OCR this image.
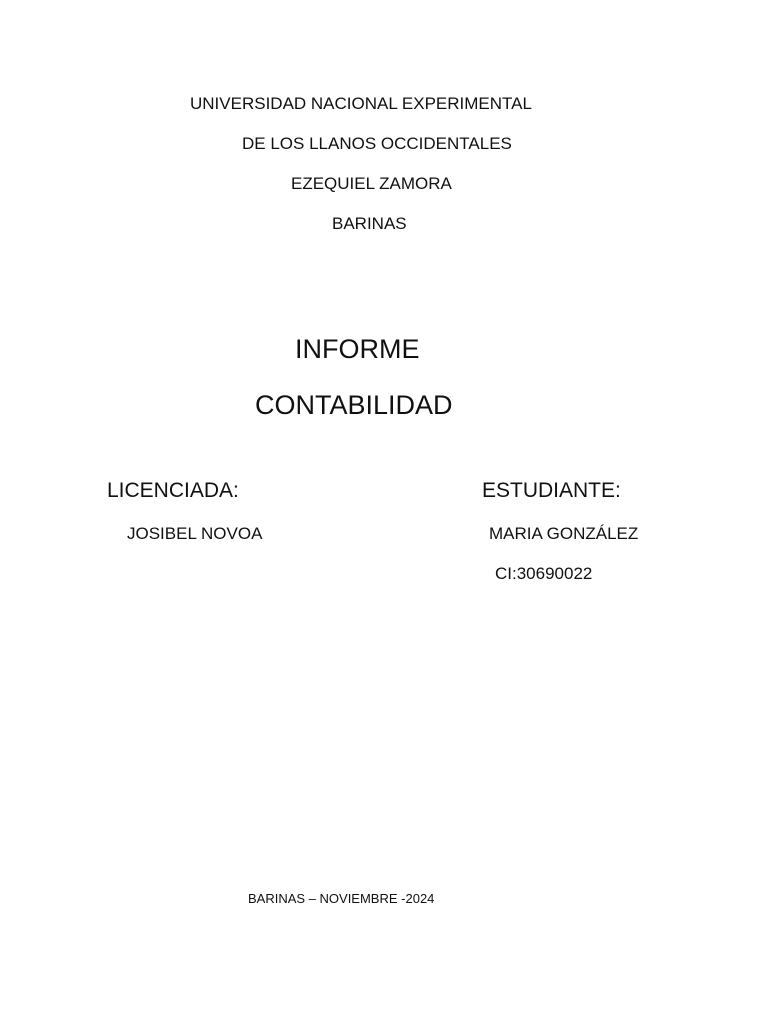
UNIVERSIDAD NACIONAL EXPERIMENTAL
DE LOS LLANOS OCCIDENTALES
EZEQUIEL ZAMORA
BARINAS
INFORME
CONTABILIDAD
LICENCIADA:	ESTUDIANTE:
JOSIBEL NOVOA	MARIA GONZÁLEZ
CI:30690022
BARINAS – NOVIEMBRE -2024
